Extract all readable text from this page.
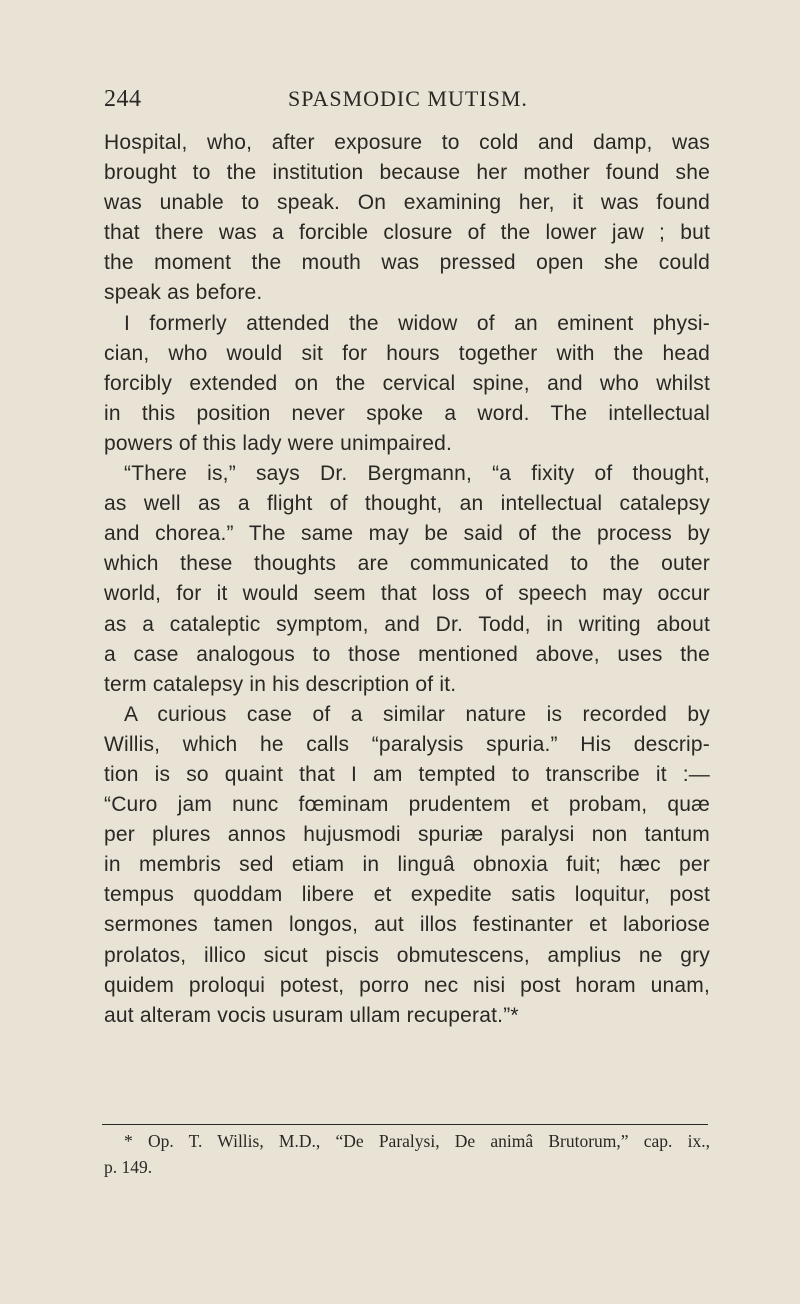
244	SPASMODIC MUTISM.
Hospital, who, after exposure to cold and damp, was
brought to the institution because her mother found she
was unable to speak. On examining her, it was found
that there was a forcible closure of the lower jaw ; but
the moment the mouth was pressed open she could
speak as before.
I formerly attended the widow of an eminent physi-
cian, who would sit for hours together with the head
forcibly extended on the cervical spine, and who whilst
in this position never spoke a word. The intellectual
powers of this lady were unimpaired.
“There is,” says Dr. Bergmann, “a fixity of thought,
as well as a flight of thought, an intellectual catalepsy
and chorea.” The same may be said of the process by
which these thoughts are communicated to the outer
world, for it would seem that loss of speech may occur
as a cataleptic symptom, and Dr. Todd, in writing about
a case analogous to those mentioned above, uses the
term catalepsy in his description of it.
A curious case of a similar nature is recorded by
Willis, which he calls “paralysis spuria.” His descrip-
tion is so quaint that I am tempted to transcribe it :—
“Curo jam nunc fœminam prudentem et probam, quæ
per plures annos hujusmodi spuriæ paralysi non tantum
in membris sed etiam in linguâ obnoxia fuit; hæc per
tempus quoddam libere et expedite satis loquitur, post
sermones tamen longos, aut illos festinanter et laboriose
prolatos, illico sicut piscis obmutescens, amplius ne gry
quidem proloqui potest, porro nec nisi post horam unam,
aut alteram vocis usuram ullam recuperat.”*
* Op. T. Willis, M.D., “De Paralysi, De animâ Brutorum,” cap. ix.,
p. 149.
